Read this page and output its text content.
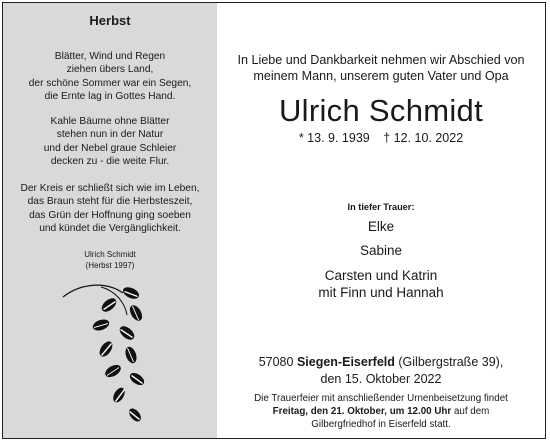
Herbst
Blätter, Wind und Regen
ziehen übers Land,
der schöne Sommer war ein Segen,
die Ernte lag in Gottes Hand.
Kahle Bäume ohne Blätter
stehen nun in der Natur
und der Nebel graue Schleier
decken zu - die weite Flur.
Der Kreis er schließt sich wie im Leben,
das Braun steht für die Herbsteszeit,
das Grün der Hoffnung ging soeben
und kündet die Vergänglichkeit.
Ulrich Schmidt
(Herbst 1997)
In Liebe und Dankbarkeit nehmen wir Abschied von
meinem Mann, unserem guten Vater und Opa
Ulrich Schmidt
* 13. 9. 1939 † 12. 10. 2022
In tiefer Trauer:
Elke
Sabine
Carsten und Katrin
mit Finn und Hannah
57080 Siegen-Eiserfeld (Gilbergstraße 39),
den 15. Oktober 2022
Die Trauerfeier mit anschließender Urnenbeisetzung findet
Freitag, den 21. Oktober, um 12.00 Uhr auf dem
Gilbergfriedhof in Eiserfeld statt.
